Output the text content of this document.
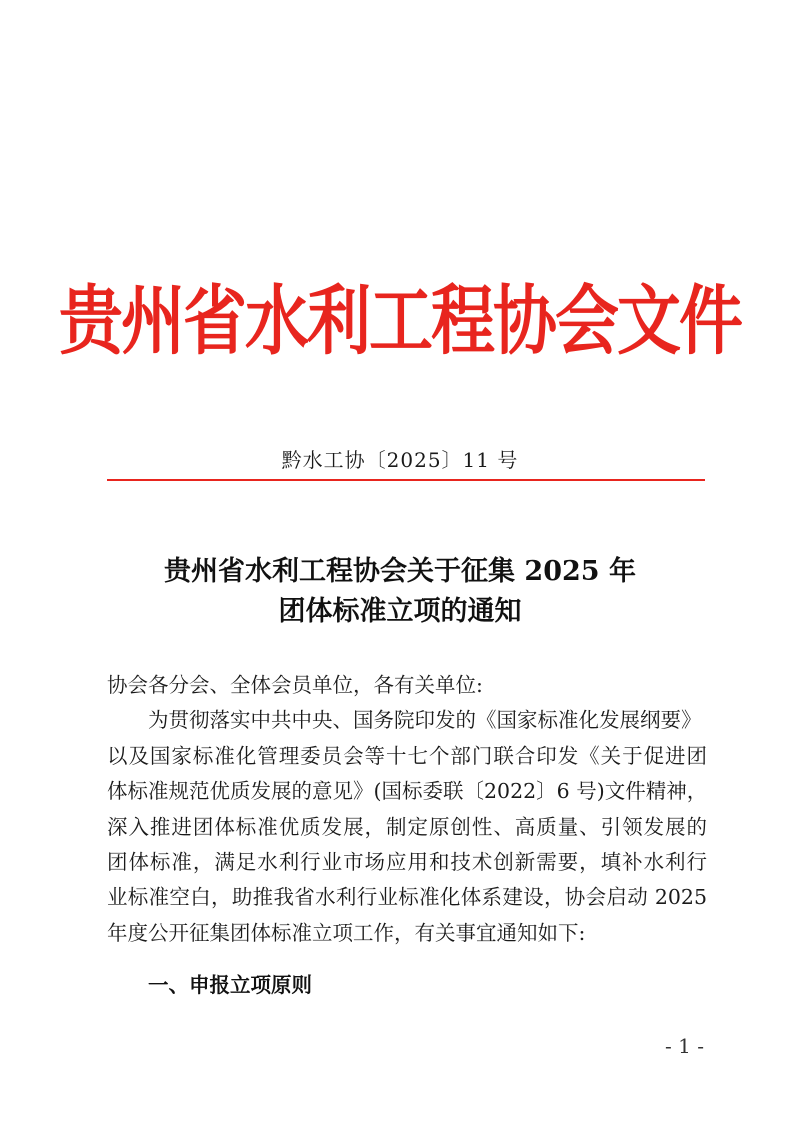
贵州省水利工程协会文件
黔水工协〔2025〕11 号
贵州省水利工程协会关于征集 2025 年
团体标准立项的通知
协会各分会、全体会员单位，各有关单位:
为贯彻落实中共中央、国务院印发的《国家标准化发展纲要》
以及国家标准化管理委员会等十七个部门联合印发《关于促进团
体标准规范优质发展的意见》(国标委联〔2022〕6 号)文件精神，
深入推进团体标准优质发展，制定原创性、高质量、引领发展的
团体标准，满足水利行业市场应用和技术创新需要，填补水利行
业标准空白，助推我省水利行业标准化体系建设，协会启动 2025
年度公开征集团体标准立项工作，有关事宜通知如下:
一、申报立项原则
- 1 -
